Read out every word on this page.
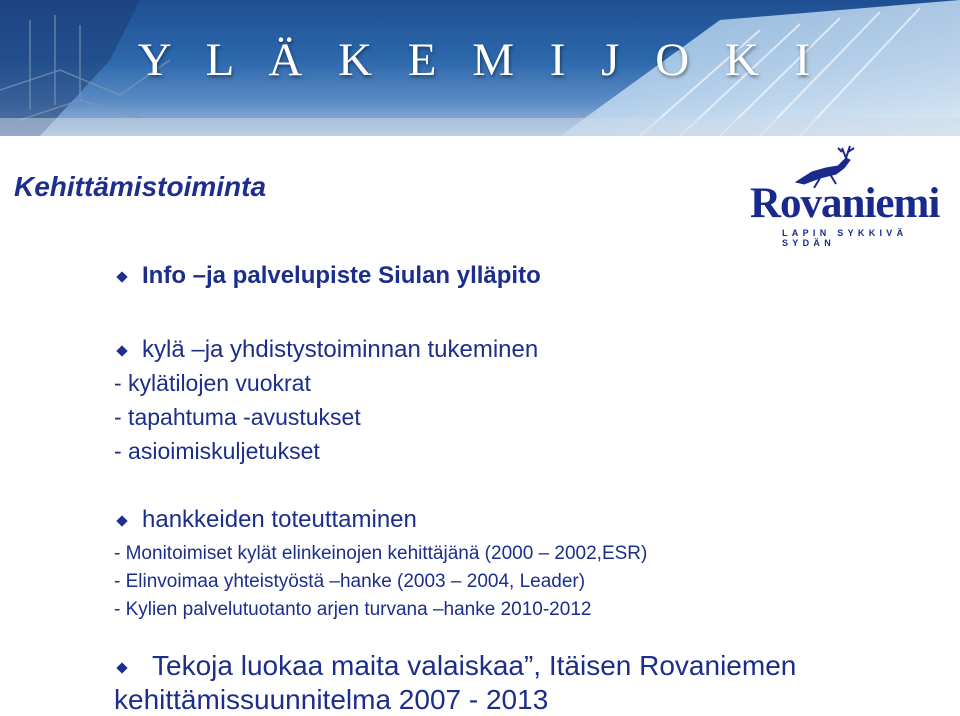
Y L Ä K E M I J O K I
Kehittämistoiminta	Rovaniemi
LAPIN SYKKIVÄ SYDÄN
Info –ja palvelupiste Siulan ylläpito
kylä –ja yhdistystoiminnan tukeminen
- kylätilojen vuokrat
- tapahtuma -avustukset
- asioimiskuljetukset
hankkeiden toteuttaminen
- Monitoimiset kylät elinkeinojen kehittäjänä (2000 – 2002,ESR)
- Elinvoimaa yhteistyöstä –hanke (2003 – 2004, Leader)
- Kylien palvelutuotanto arjen turvana –hanke 2010-2012
Tekoja luokaa maita valaiskaa”, Itäisen Rovaniemen
kehittämissuunnitelma 2007 - 2013
